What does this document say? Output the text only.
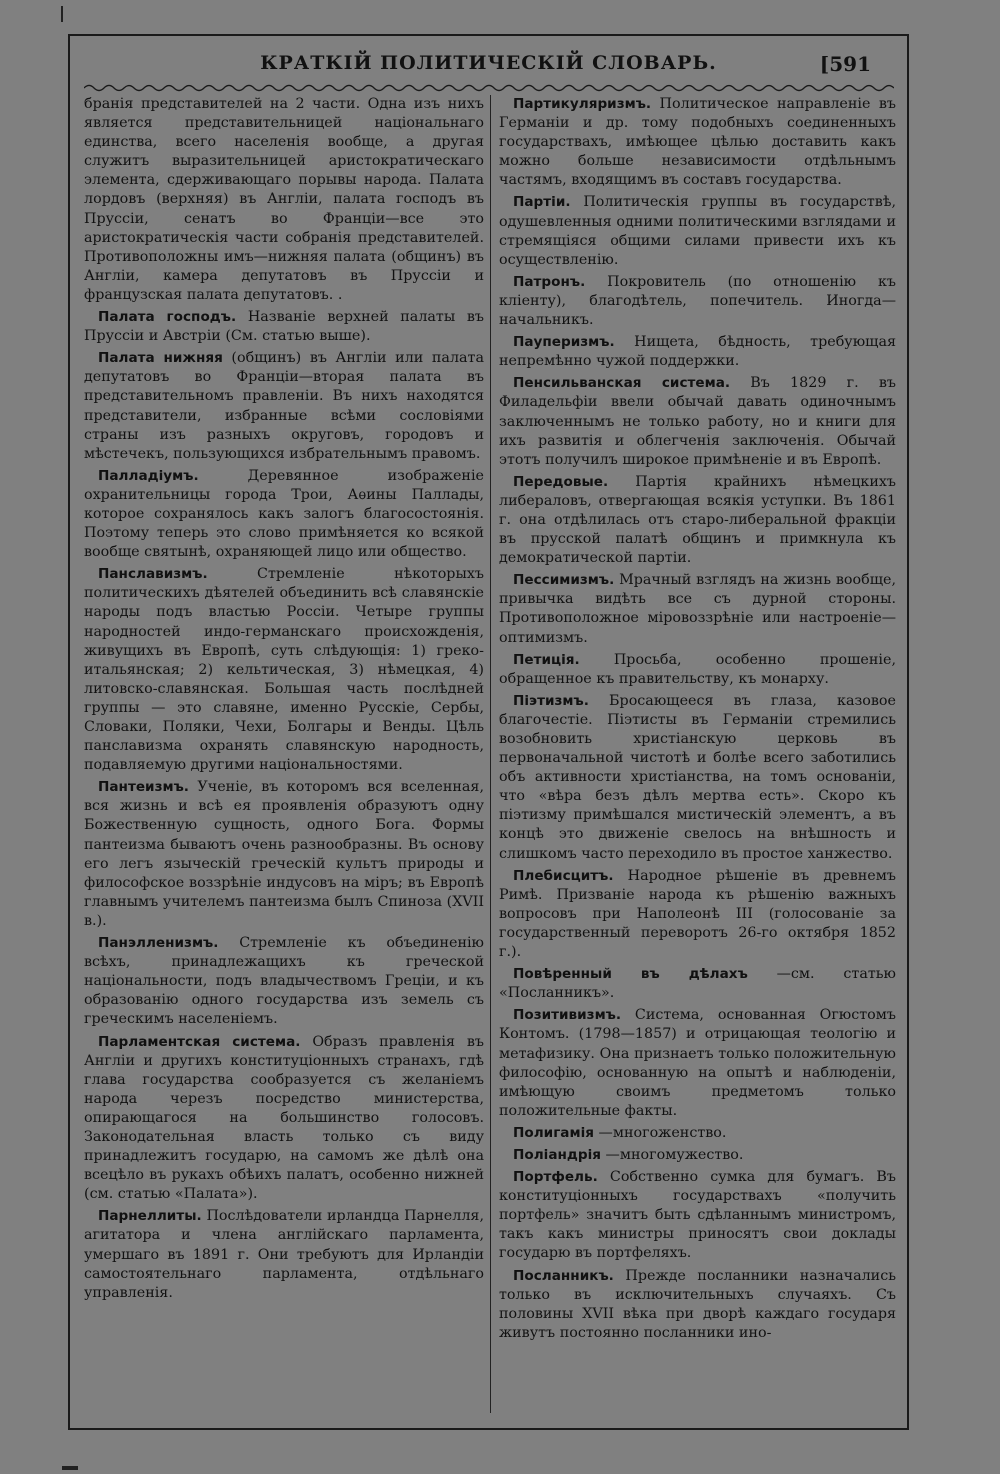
КРАТКІЙ ПОЛИТИЧЕСКІЙ СЛОВАРЬ.	[591

бранія представителей на 2 части. Одна изъ нихъ является представительницей національнаго единства, всего населенія вообще, а другая служитъ выразительницей аристократическаго элемента, сдерживающаго порывы народа. Палата лордовъ (верхняя) въ Англіи, палата господъ въ Пруссіи, сенатъ во Франціи—все это аристократическія части собранія представителей. Противоположны имъ—нижняя палата (общинъ) въ Англіи, камера депутатовъ въ Пруссіи и французская палата депутатовъ. .

Палата господъ. Названіе верхней палаты въ Пруссіи и Австріи (См. статью выше).

Палата нижняя (общинъ) въ Англіи или палата депутатовъ во Франціи—вторая палата въ представительномъ правленіи. Въ нихъ находятся представители, избранные всѣми сословіями страны изъ разныхъ округовъ, городовъ и мѣстечекъ, пользующихся избрательнымъ правомъ.

Палладіумъ.	Деревянное изображеніе охранительницы города Трои, Аѳины Паллады, которое сохранялось какъ залогъ благосостоянія. Поэтому теперь это слово примѣняется ко всякой вообще святынѣ, охраняющей лицо или общество.

Панславизмъ.	Стремленіе нѣкоторыхъ политическихъ дѣятелей объединить всѣ славянскіе народы подъ властью Россіи. Четыре группы народностей индо-германскаго происхожденія, живущихъ въ Европѣ, суть слѣдующія: 1) греко-итальянская; 2) кельтическая, 3) нѣмецкая, 4) литовско-славянская. Большая часть послѣдней группы — это славяне, именно Русскіе, Сербы, Словаки, Поляки, Чехи, Болгары и Венды. Цѣль панславизма охранять славянскую народность, подавляемую другими національностями.

Пантеизмъ. Ученіе, въ которомъ вся вселенная, вся жизнь и всѣ ея проявленія образуютъ одну Божественную сущность, одного Бога. Формы пантеизма бываютъ очень разнообразны. Въ основу его легъ языческій греческій культъ природы и философское воззрѣніе индусовъ на міръ; въ Европѣ главнымъ учителемъ пантеизма былъ Спиноза (XVII в.).

Панэлленизмъ. Стремленіе къ объединенію всѣхъ, принадлежащихъ къ греческой національности, подъ владычествомъ Греціи, и къ образованію одного государства изъ земель съ греческимъ населеніемъ.

Парламентская система. Образъ правленія въ Англіи и другихъ конституціонныхъ странахъ, гдѣ глава государства сообразуется съ желаніемъ народа черезъ посредство министерства, опирающагося на большинство голосовъ. Законодательная власть только съ виду принадлежитъ государю, на самомъ же дѣлѣ она всецѣло въ рукахъ обѣихъ палатъ, особенно нижней (см. статью «Палата»).

Парнеллиты. Послѣдователи ирландца Парнелля, агитатора и члена англійскаго парламента, умершаго въ 1891 г. Они требуютъ для Ирландіи самостоятельнаго парламента, отдѣльнаго управленія.

Партикуляризмъ. Политическое направленіе въ Германіи и др. тому подобныхъ соединенныхъ государствахъ, имѣющее цѣлью доставить какъ можно больше независимости отдѣльнымъ частямъ, входящимъ въ составъ государства.

Партіи. Политическія группы въ государствѣ, одушевленныя одними политическими взглядами и стремящіяся общими силами привести ихъ къ осуществленію.

Патронъ. Покровитель (по отношенію къ кліенту), благодѣтель, попечитель. Иногда—начальникъ.

Пауперизмъ. Нищета, бѣдность, требующая непремѣнно чужой поддержки.

Пенсильванская система. Въ 1829 г. въ Филадельфіи ввели обычай давать одиночнымъ заключеннымъ не только работу, но и книги для ихъ развитія и облегченія заключенія. Обычай этотъ получилъ широкое примѣненіе и въ Европѣ.

Передовые. Партія крайнихъ нѣмецкихъ либераловъ, отвергающая всякія уступки. Въ 1861 г. она отдѣлилась отъ старо-либеральной фракціи въ прусской палатѣ общинъ и примкнула къ демократической партіи.

Пессимизмъ. Мрачный взглядъ на жизнь вообще, привычка видѣть все съ дурной стороны. Противоположное міровоззрѣніе или настроеніе—оптимизмъ.

Петиція. Просьба, особенно прошеніе, обращенное къ правительству, къ монарху.

Піэтизмъ. Бросающееся въ глаза, казовое благочестіе. Піэтисты въ Германіи стремились возобновить христіанскую церковь въ первоначальной чистотѣ и болѣе всего заботились объ активности христіанства, на томъ основаніи, что «вѣра безъ дѣлъ мертва есть». Скоро къ піэтизму примѣшался мистическій элементъ, а въ концѣ это движеніе свелось на внѣшность и слишкомъ часто переходило въ простое ханжество.

Плебисцитъ. Народное рѣшеніе въ древнемъ Римѣ. Призваніе народа къ рѣшенію важныхъ вопросовъ при Наполеонѣ III (голосованіе за государственный переворотъ 26-го октября 1852 г.).

Повѣренный въ дѣлахъ —см. статью «Посланникъ».

Позитивизмъ. Система, основанная Огюстомъ Контомъ. (1798—1857) и отрицающая теологію и метафизику. Она признаетъ только положительную философію, основанную на опытѣ и наблюденіи, имѣющую своимъ предметомъ только положительные факты.

Полигамія —многоженство.

Поліандрія —многомужество.

Портфель. Собственно сумка для бумагъ. Въ конституціонныхъ государствахъ «получить портфель» значитъ быть сдѣланнымъ министромъ, такъ какъ министры приносятъ свои доклады государю въ портфеляхъ.

Посланникъ. Прежде посланники назначались только въ исключительныхъ случаяхъ. Съ половины XVII вѣка при дворѣ каждаго государя живутъ постоянно посланники ино-
